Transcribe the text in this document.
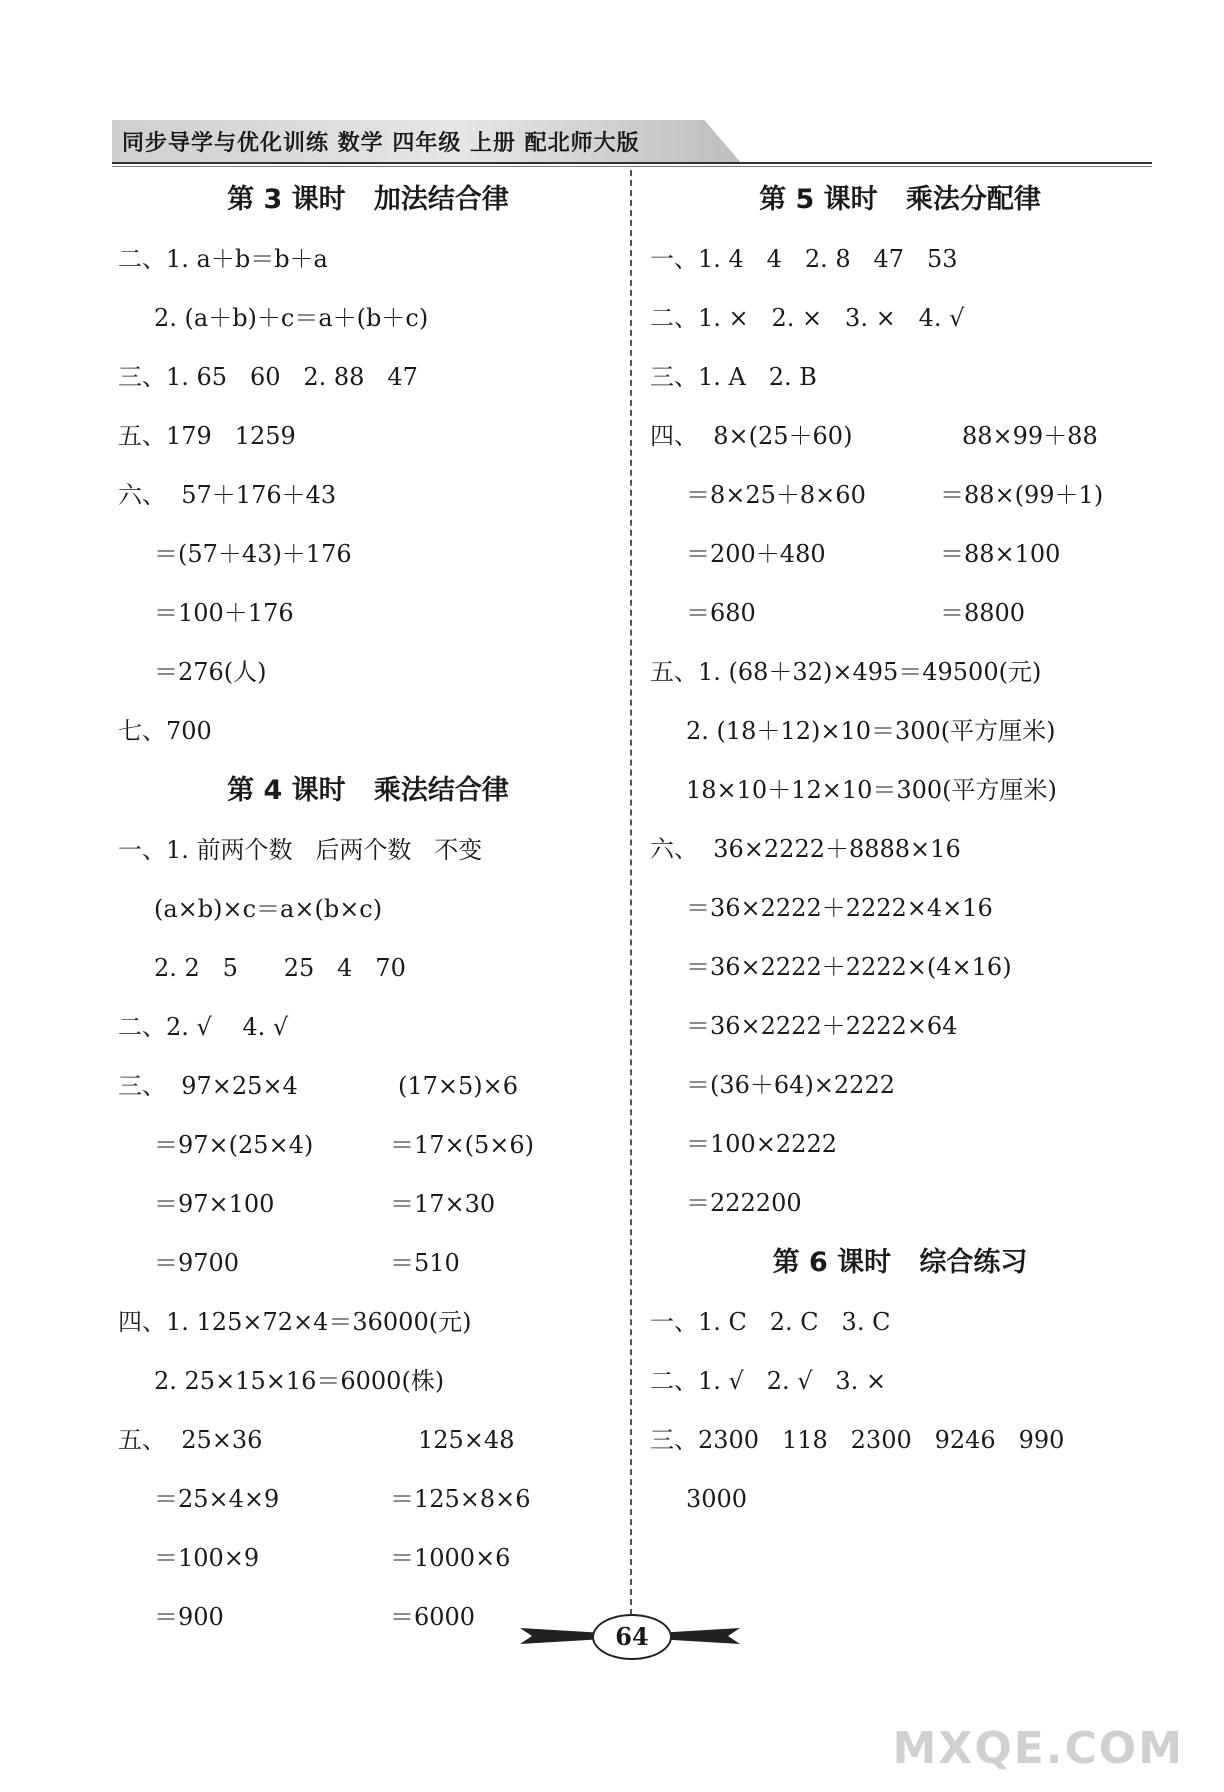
同步导学与优化训练 数学 四年级 上册 配北师大版
第 3 课时   加法结合律
二、1. a＋b＝b＋a
2. (a＋b)＋c＝a＋(b＋c)
三、1. 65   60   2. 88   47
五、179   1259
六、  57＋176＋43
＝(57＋43)＋176
＝100＋176
＝276(人)
七、700
第 4 课时   乘法结合律
一、1. 前两个数   后两个数   不变
(a×b)×c＝a×(b×c)
2. 2   5      25   4   70
二、2. √    4. √
三、  97×25×4	(17×5)×6
＝97×(25×4)	＝17×(5×6)
＝97×100	＝17×30
＝9700	＝510
四、1. 125×72×4＝36000(元)
2. 25×15×16＝6000(株)
五、  25×36	125×48
＝25×4×9	＝125×8×6
＝100×9	＝1000×6
＝900	＝6000
第 5 课时   乘法分配律
一、1. 4   4   2. 8   47   53
二、1. ×   2. ×   3. ×   4. √
三、1. A   2. B
四、  8×(25＋60)	88×99＋88
＝8×25＋8×60	＝88×(99＋1)
＝200＋480	＝88×100
＝680	＝8800
五、1. (68＋32)×495＝49500(元)
2. (18＋12)×10＝300(平方厘米)
18×10＋12×10＝300(平方厘米)
六、  36×2222＋8888×16
＝36×2222＋2222×4×16
＝36×2222＋2222×(4×16)
＝36×2222＋2222×64
＝(36＋64)×2222
＝100×2222
＝222200
第 6 课时   综合练习
一、1. C   2. C   3. C
二、1. √   2. √   3. ×
三、2300   118   2300   9246   990
3000
64
MXQE.COM
